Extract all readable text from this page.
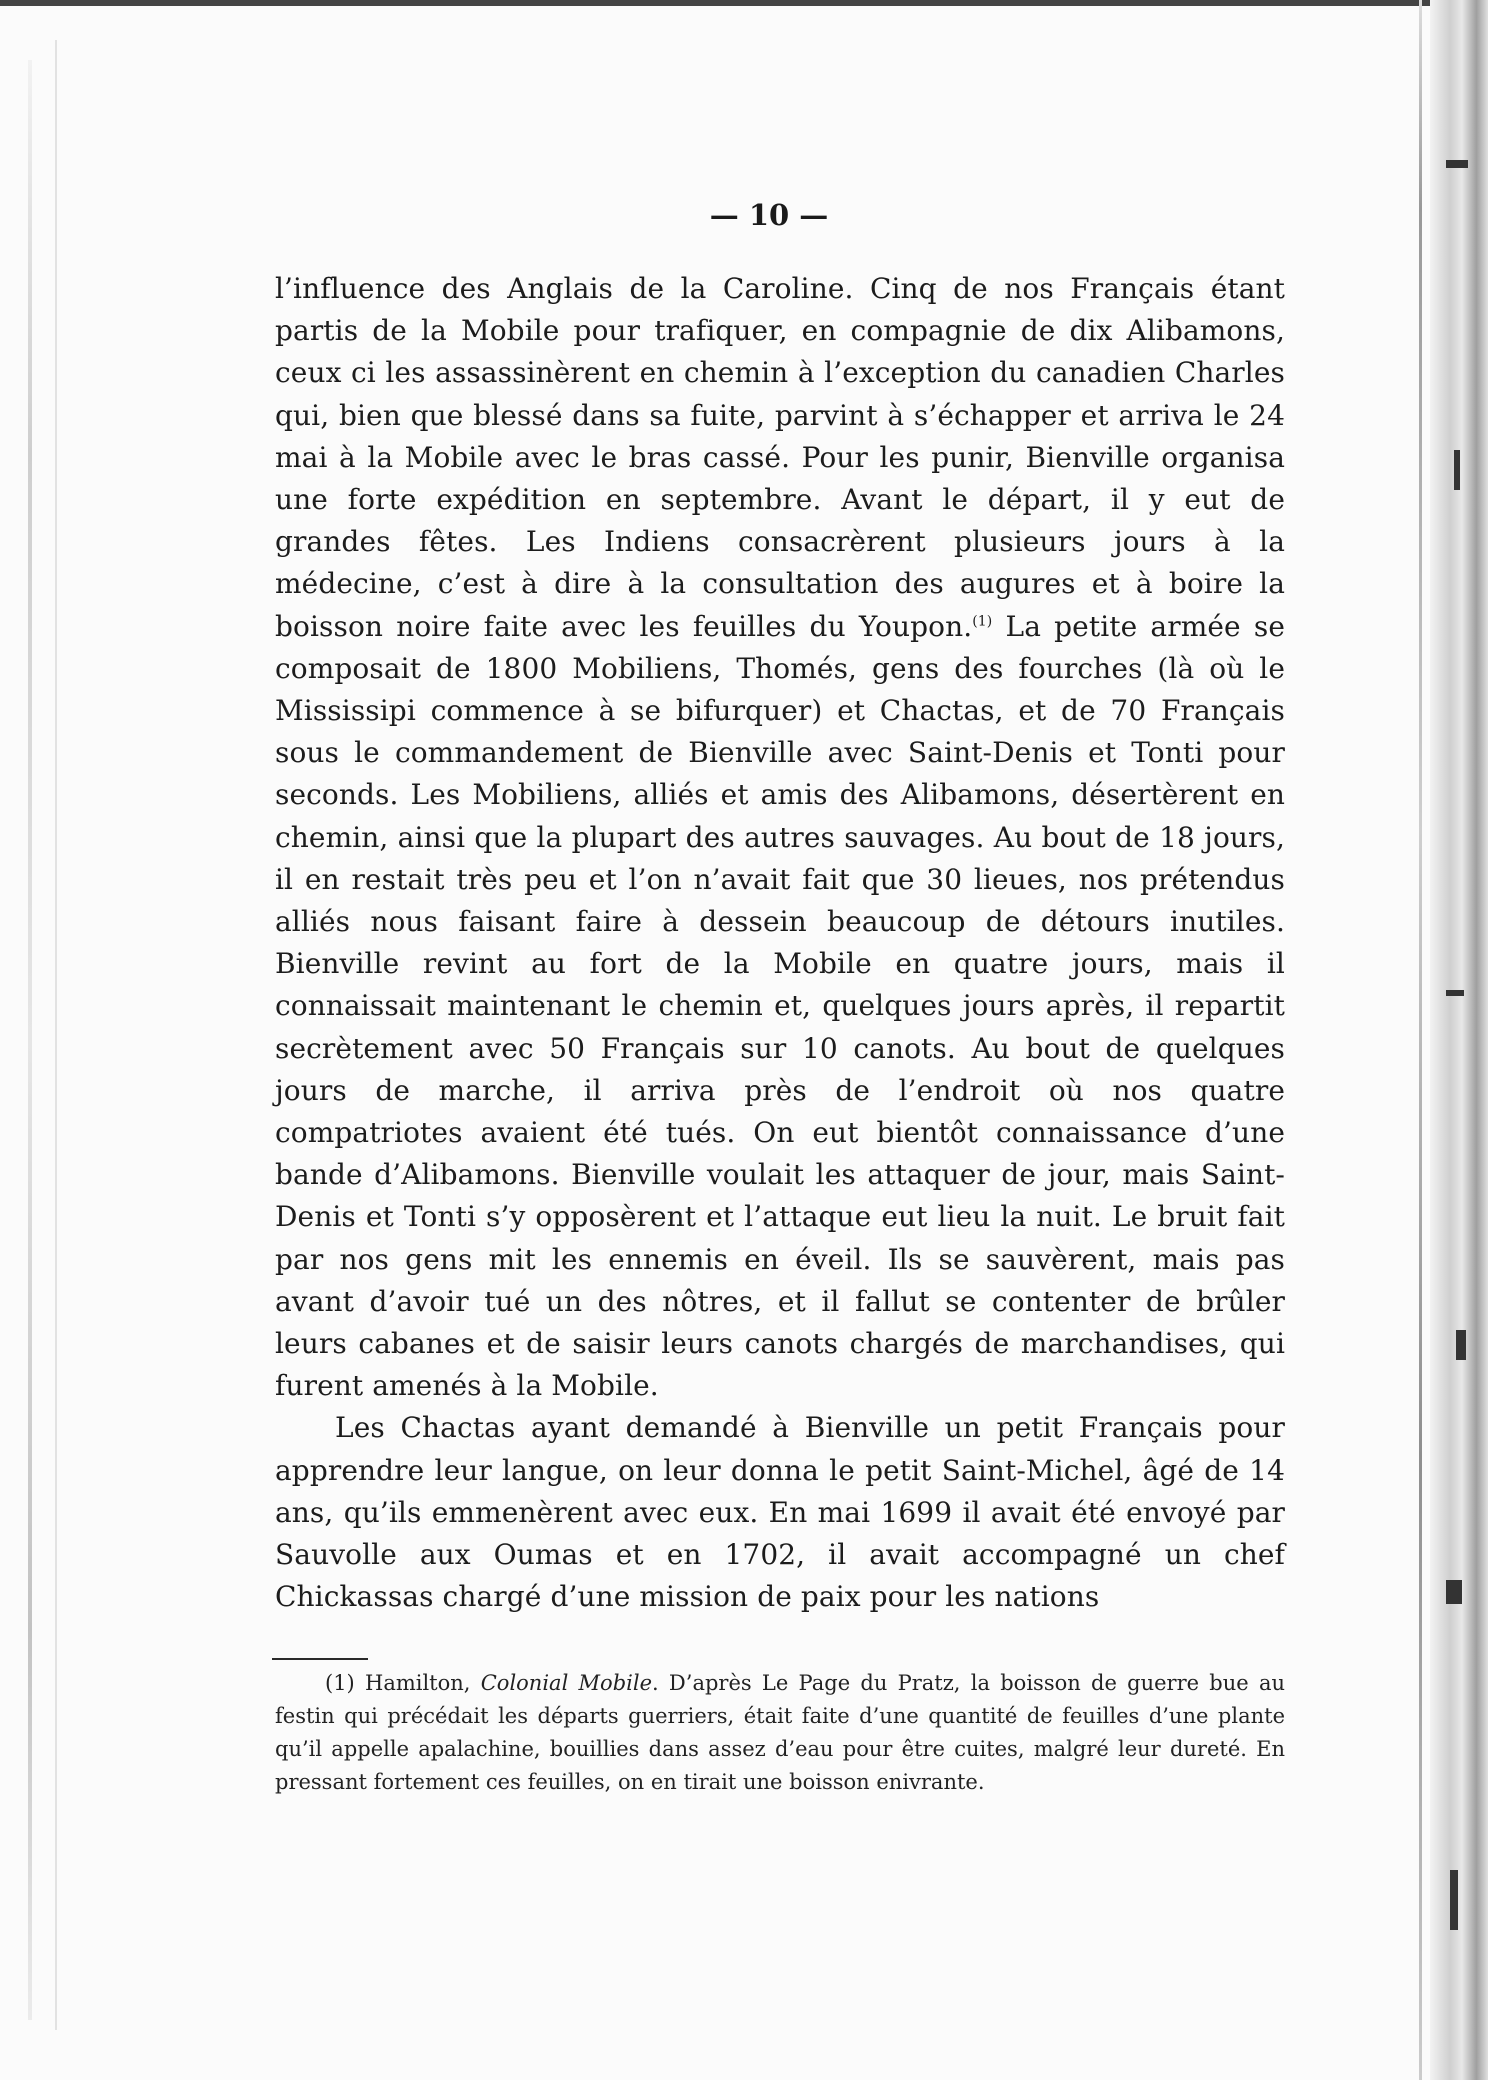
— 10 —

l’influence des Anglais de la Caroline. Cinq de nos Français étant partis de la Mobile pour trafiquer, en compagnie de dix Alibamons, ceux ci les assassinèrent en chemin à l’exception du canadien Charles qui, bien que blessé dans sa fuite, parvint à s’échapper et arriva le 24 mai à la Mobile avec le bras cassé. Pour les punir, Bienville organisa une forte expédition en septembre. Avant le départ, il y eut de grandes fêtes. Les Indiens consacrèrent plusieurs jours à la médecine, c’est à dire à la consultation des augures et à boire la boisson noire faite avec les feuilles du Youpon.$^{(1)}$ La petite armée se composait de 1800 Mobiliens, Thomés, gens des fourches (là où le Mississipi commence à se bifurquer) et Chactas, et de 70 Français sous le commandement de Bienville avec Saint-Denis et Tonti pour seconds. Les Mobiliens, alliés et amis des Alibamons, désertèrent en chemin, ainsi que la plupart des autres sauvages. Au bout de 18 jours, il en restait très peu et l’on n’avait fait que 30 lieues, nos prétendus alliés nous faisant faire à dessein beaucoup de détours inutiles. Bienville revint au fort de la Mobile en quatre jours, mais il connaissait maintenant le chemin et, quelques jours après, il repartit secrètement avec 50 Français sur 10 canots. Au bout de quelques jours de marche, il arriva près de l’endroit où nos quatre compatriotes avaient été tués. On eut bientôt connaissance d’une bande d’Alibamons. Bienville voulait les attaquer de jour, mais Saint-Denis et Tonti s’y opposèrent et l’attaque eut lieu la nuit. Le bruit fait par nos gens mit les ennemis en éveil. Ils se sauvèrent, mais pas avant d’avoir tué un des nôtres, et il fallut se contenter de brûler leurs cabanes et de saisir leurs canots chargés de marchandises, qui furent amenés à la Mobile.

Les Chactas ayant demandé à Bienville un petit Français pour apprendre leur langue, on leur donna le petit Saint-Michel, âgé de 14 ans, qu’ils emmenèrent avec eux. En mai 1699 il avait été envoyé par Sauvolle aux Oumas et en 1702, il avait accompagné un chef Chickassas chargé d’une mission de paix pour les nations

(1) Hamilton, Colonial Mobile. D’après Le Page du Pratz, la boisson de guerre bue au festin qui précédait les départs guerriers, était faite d’une quantité de feuilles d’une plante qu’il appelle apalachine, bouillies dans assez d’eau pour être cuites, malgré leur dureté. En pressant fortement ces feuilles, on en tirait une boisson enivrante.
